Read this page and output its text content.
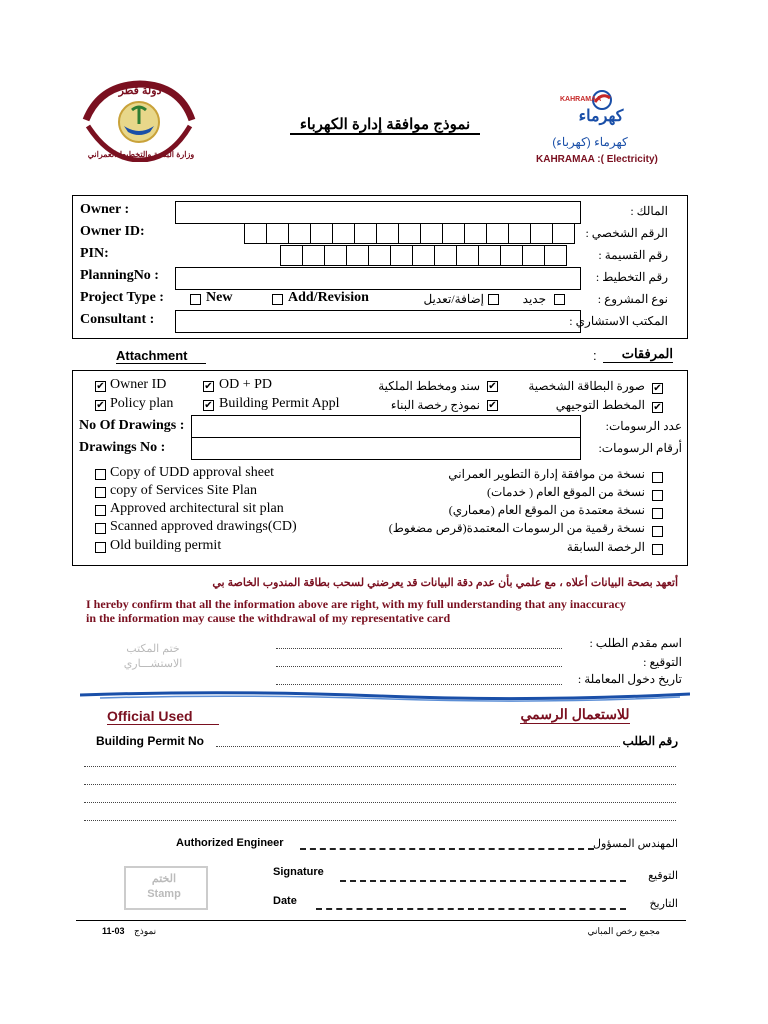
دولة قطر
وزارة البلدية والتخطيط العمراني
نموذج موافقة إدارة الكهرباء
KAHRAMAA
كهرماء
كهرماء (كهرباء)
KAHRAMAA :( Electricity)
Owner :	المالك :
Owner ID:	الرقم الشخصي :
PIN:	رقم القسيمة :
PlanningNo :	رقم التخطيط :
Project Type :	New	Add/Revision	إضافة/تعديل	جديد	نوع المشروع :
Consultant :	المكتب الاستشاري :
Attachment	:	المرفقات
✔ Owner ID	✔ OD + PD	سند ومخطط الملكية ✔	صورة البطاقة الشخصية ✔
✔ Policy plan	✔ Building Permit Appl	نموذج رخصة البناء ✔	المخطط التوجيهي ✔
No Of Drawings :	عدد الرسومات:
Drawings No :	أرقام الرسومات:
Copy of UDD approval sheet	نسخة من موافقة إدارة التطوير العمراني
copy of Services Site Plan	نسخة من الموقع العام ( خدمات)
Approved architectural sit plan	نسخة معتمدة من الموقع العام (معماري)
Scanned approved drawings(CD)	نسخة رقمية من الرسومات المعتمدة(قرص مضغوط)
Old building permit	الرخصة السابقة
أتعهد بصحة البيانات أعلاه ، مع علمي بأن عدم دقة البيانات قد يعرضني لسحب بطاقة المندوب الخاصة بي
I hereby confirm that all the information above are right, with my full understanding that any inaccuracy
in the information may cause the withdrawal of my representative card
ختم المكتب
الاستشـــاري
اسم مقدم الطلب :
التوقيع :
تاريخ دخول المعاملة :
Official Used	للاستعمال الرسمي
Building Permit No	رقم الطلب
Authorized Engineer	المهندس المسؤول
الختم
Stamp
Signature	التوقيع
Date	التاريخ
11-03 نموذج	مجمع رخص المباني
